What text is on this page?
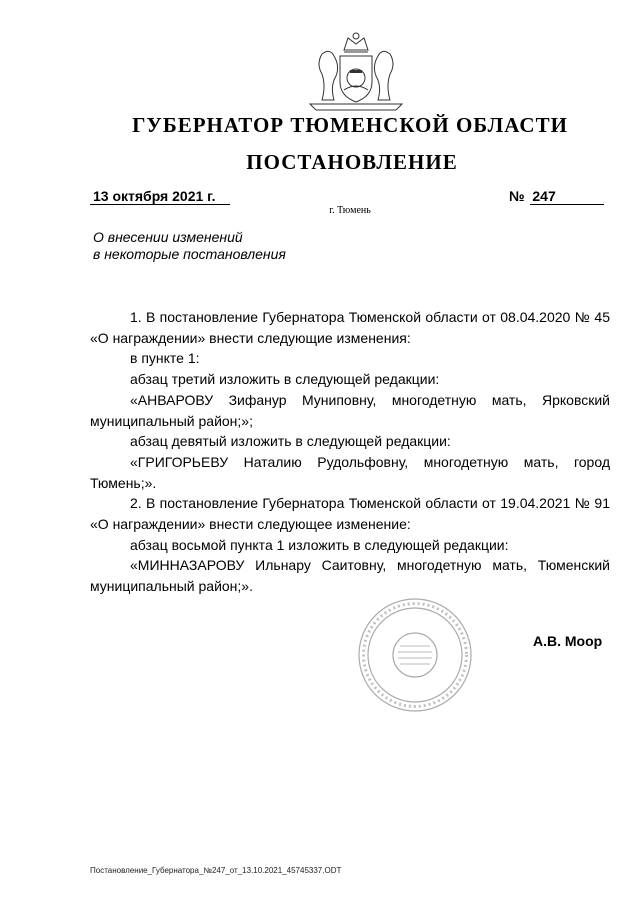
ГУБЕРНАТОР ТЮМЕНСКОЙ ОБЛАСТИ
ПОСТАНОВЛЕНИЕ
13 октября 2021 г.	№ 247
г. Тюмень
О внесении изменений
в некоторые постановления

1. В постановление Губернатора Тюменской области от 08.04.2020 № 45 «О награждении» внести следующие изменения:

в пункте 1:

абзац третий изложить в следующей редакции:

«АНВАРОВУ Зифанур Муниповну, многодетную мать, Ярковский муниципальный район;»;

абзац девятый изложить в следующей редакции:

«ГРИГОРЬЕВУ Наталию Рудольфовну, многодетную мать, город Тюмень;».

2. В постановление Губернатора Тюменской области от 19.04.2021 № 91 «О награждении» внести следующее изменение:

абзац восьмой пункта 1 изложить в следующей редакции:

«МИННАЗАРОВУ Ильнару Саитовну, многодетную мать, Тюменский муниципальный район;».

А.В. Моор
Постановление_Губернатора_№247_от_13.10.2021_45745337.ODT
